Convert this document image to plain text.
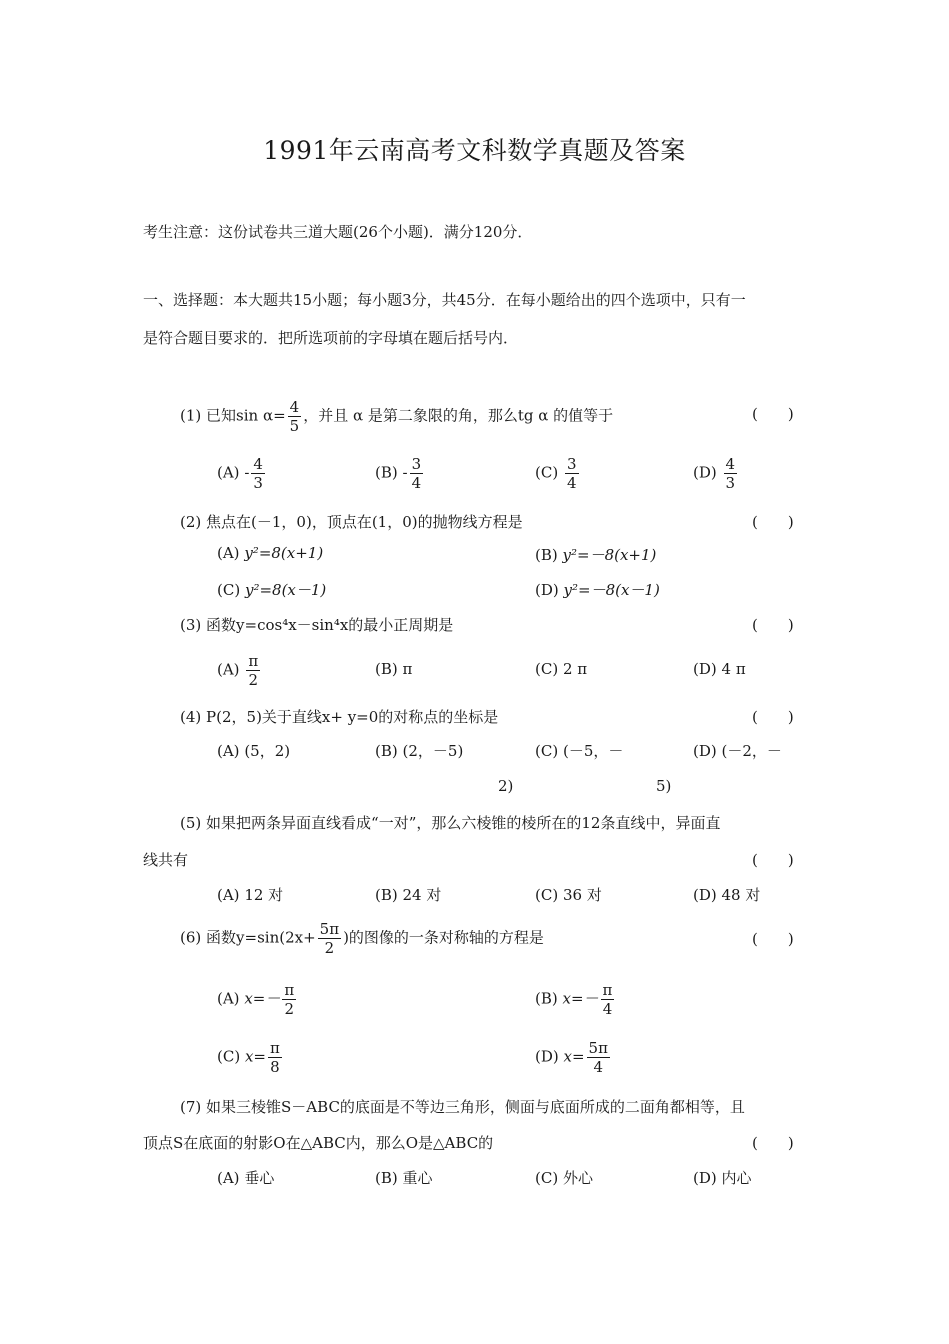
1991年云南高考文科数学真题及答案
考生注意：这份试卷共三道大题(26个小题)．满分120分．
一、选择题：本大题共15小题；每小题3分，共45分．在每小题给出的四个选项中，只有一
是符合题目要求的．把所选项前的字母填在题后括号内．
(1) 已知$\sin \alpha= \frac{4}{5}$ ，并且 α 是第二象限的角，那么tg α 的值等于	(　　)
$(A) - \frac{4}{3}$	$(B) - \frac{3}{4}$	$(C) \frac{3}{4}$	$(D) \frac{4}{3}$
(2) 焦点在(－1，0)，顶点在(1，0)的抛物线方程是	(　　)
(A) y²=8(x+1)	(B) y²=－8(x+1)
(C) y²=8(x－1)	(D) y²=－8(x－1)
(3) 函数y=cos⁴x－sin⁴x的最小正周期是	(　　)
$(A) \frac{\pi}{2}$	(B) π	(C) 2 π	(D) 4 π
(4) P(2，5)关于直线x+ y=0的对称点的坐标是	(　　)
(A) (5，2)	(B) (2，－5)	(C) (－5，－	(D) (－2，－
2)	5)
(5) 如果把两条异面直线看成“一对”，那么六棱锥的棱所在的12条直线中，异面直
线共有	(　　)
(A) 12 对	(B) 24 对	(C) 36 对	(D) 48 对
(6) 函数$y=\sin(2x+ \frac{5\pi}{2}$ )的图像的一条对称轴的方程是	(　　)
(A) $x=- \frac{\pi}{2}$	(B) $x=- \frac{\pi}{4}$
(C) $x= \frac{\pi}{8}$	(D) $x= \frac{5\pi}{4}$
(7) 如果三棱锥S－ABC的底面是不等边三角形，侧面与底面所成的二面角都相等，且
顶点S在底面的射影O在△ABC内，那么O是△ABC的	(　　)
(A) 垂心	(B) 重心	(C) 外心	(D) 内心
